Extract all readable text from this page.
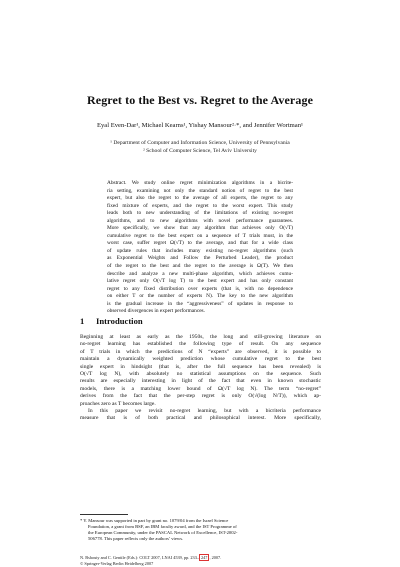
Regret to the Best vs. Regret to the Average
Eyal Even-Dar¹, Michael Kearns¹, Yishay Mansour²·*, and Jennifer Wortman¹
¹ Department of Computer and Information Science, University of Pennsylvania
² School of Computer Science, Tel Aviv University
Abstract. We study online regret minimization algorithms in a bicrite-
ria setting, examining not only the standard notion of regret to the best
expert, but also the regret to the average of all experts, the regret to any
fixed mixture of experts, and the regret to the worst expert. This study
leads both to new understanding of the limitations of existing no-regret
algorithms, and to new algorithms with novel performance guarantees.
More specifically, we show that any algorithm that achieves only O(√T)
cumulative regret to the best expert on a sequence of T trials must, in the
worst case, suffer regret Ω(√T) to the average, and that for a wide class
of update rules that includes many existing no-regret algorithms (such
as Exponential Weights and Follow the Perturbed Leader), the product
of the regret to the best and the regret to the average is Ω(T). We then
describe and analyze a new multi-phase algorithm, which achieves cumu-
lative regret only O(√T log T) to the best expert and has only constant
regret to any fixed distribution over experts (that is, with no dependence
on either T or the number of experts N). The key to the new algorithm
is the gradual increase in the “aggressiveness” of updates in response to
observed divergences in expert performances.
1 Introduction
Beginning at least as early as the 1950s, the long and still-growing literature on
no-regret learning has established the following type of result. On any sequence
of T trials in which the predictions of N “experts” are observed, it is possible to
maintain a dynamically weighted prediction whose cumulative regret to the best
single expert in hindsight (that is, after the full sequence has been revealed) is
O(√T log N), with absolutely no statistical assumptions on the sequence. Such
results are especially interesting in light of the fact that even in known stochastic
models, there is a matching lower bound of Ω(√T log N). The term “no-regret”
derives from the fact that the per-step regret is only O(√(log N/T)), which ap-
proaches zero as T becomes large.
In this paper we revisit no-regret learning, but with a bicriteria performance
measure that is of both practical and philosophical interest. More specifically,
* Y. Mansour was supported in part by grant no. 1079/04 from the Israel Science
Foundation, a grant from BSF, an IBM faculty award, and the IST Programme of
the European Community, under the PASCAL Network of Excellence, IST-2002-
506778. This paper reflects only the authors’ views.
N. Bshouty and C. Gentile (Eds.): COLT 2007, LNAI 4539, pp. 233– 247 , 2007.
© Springer-Verlag Berlin Heidelberg 2007
